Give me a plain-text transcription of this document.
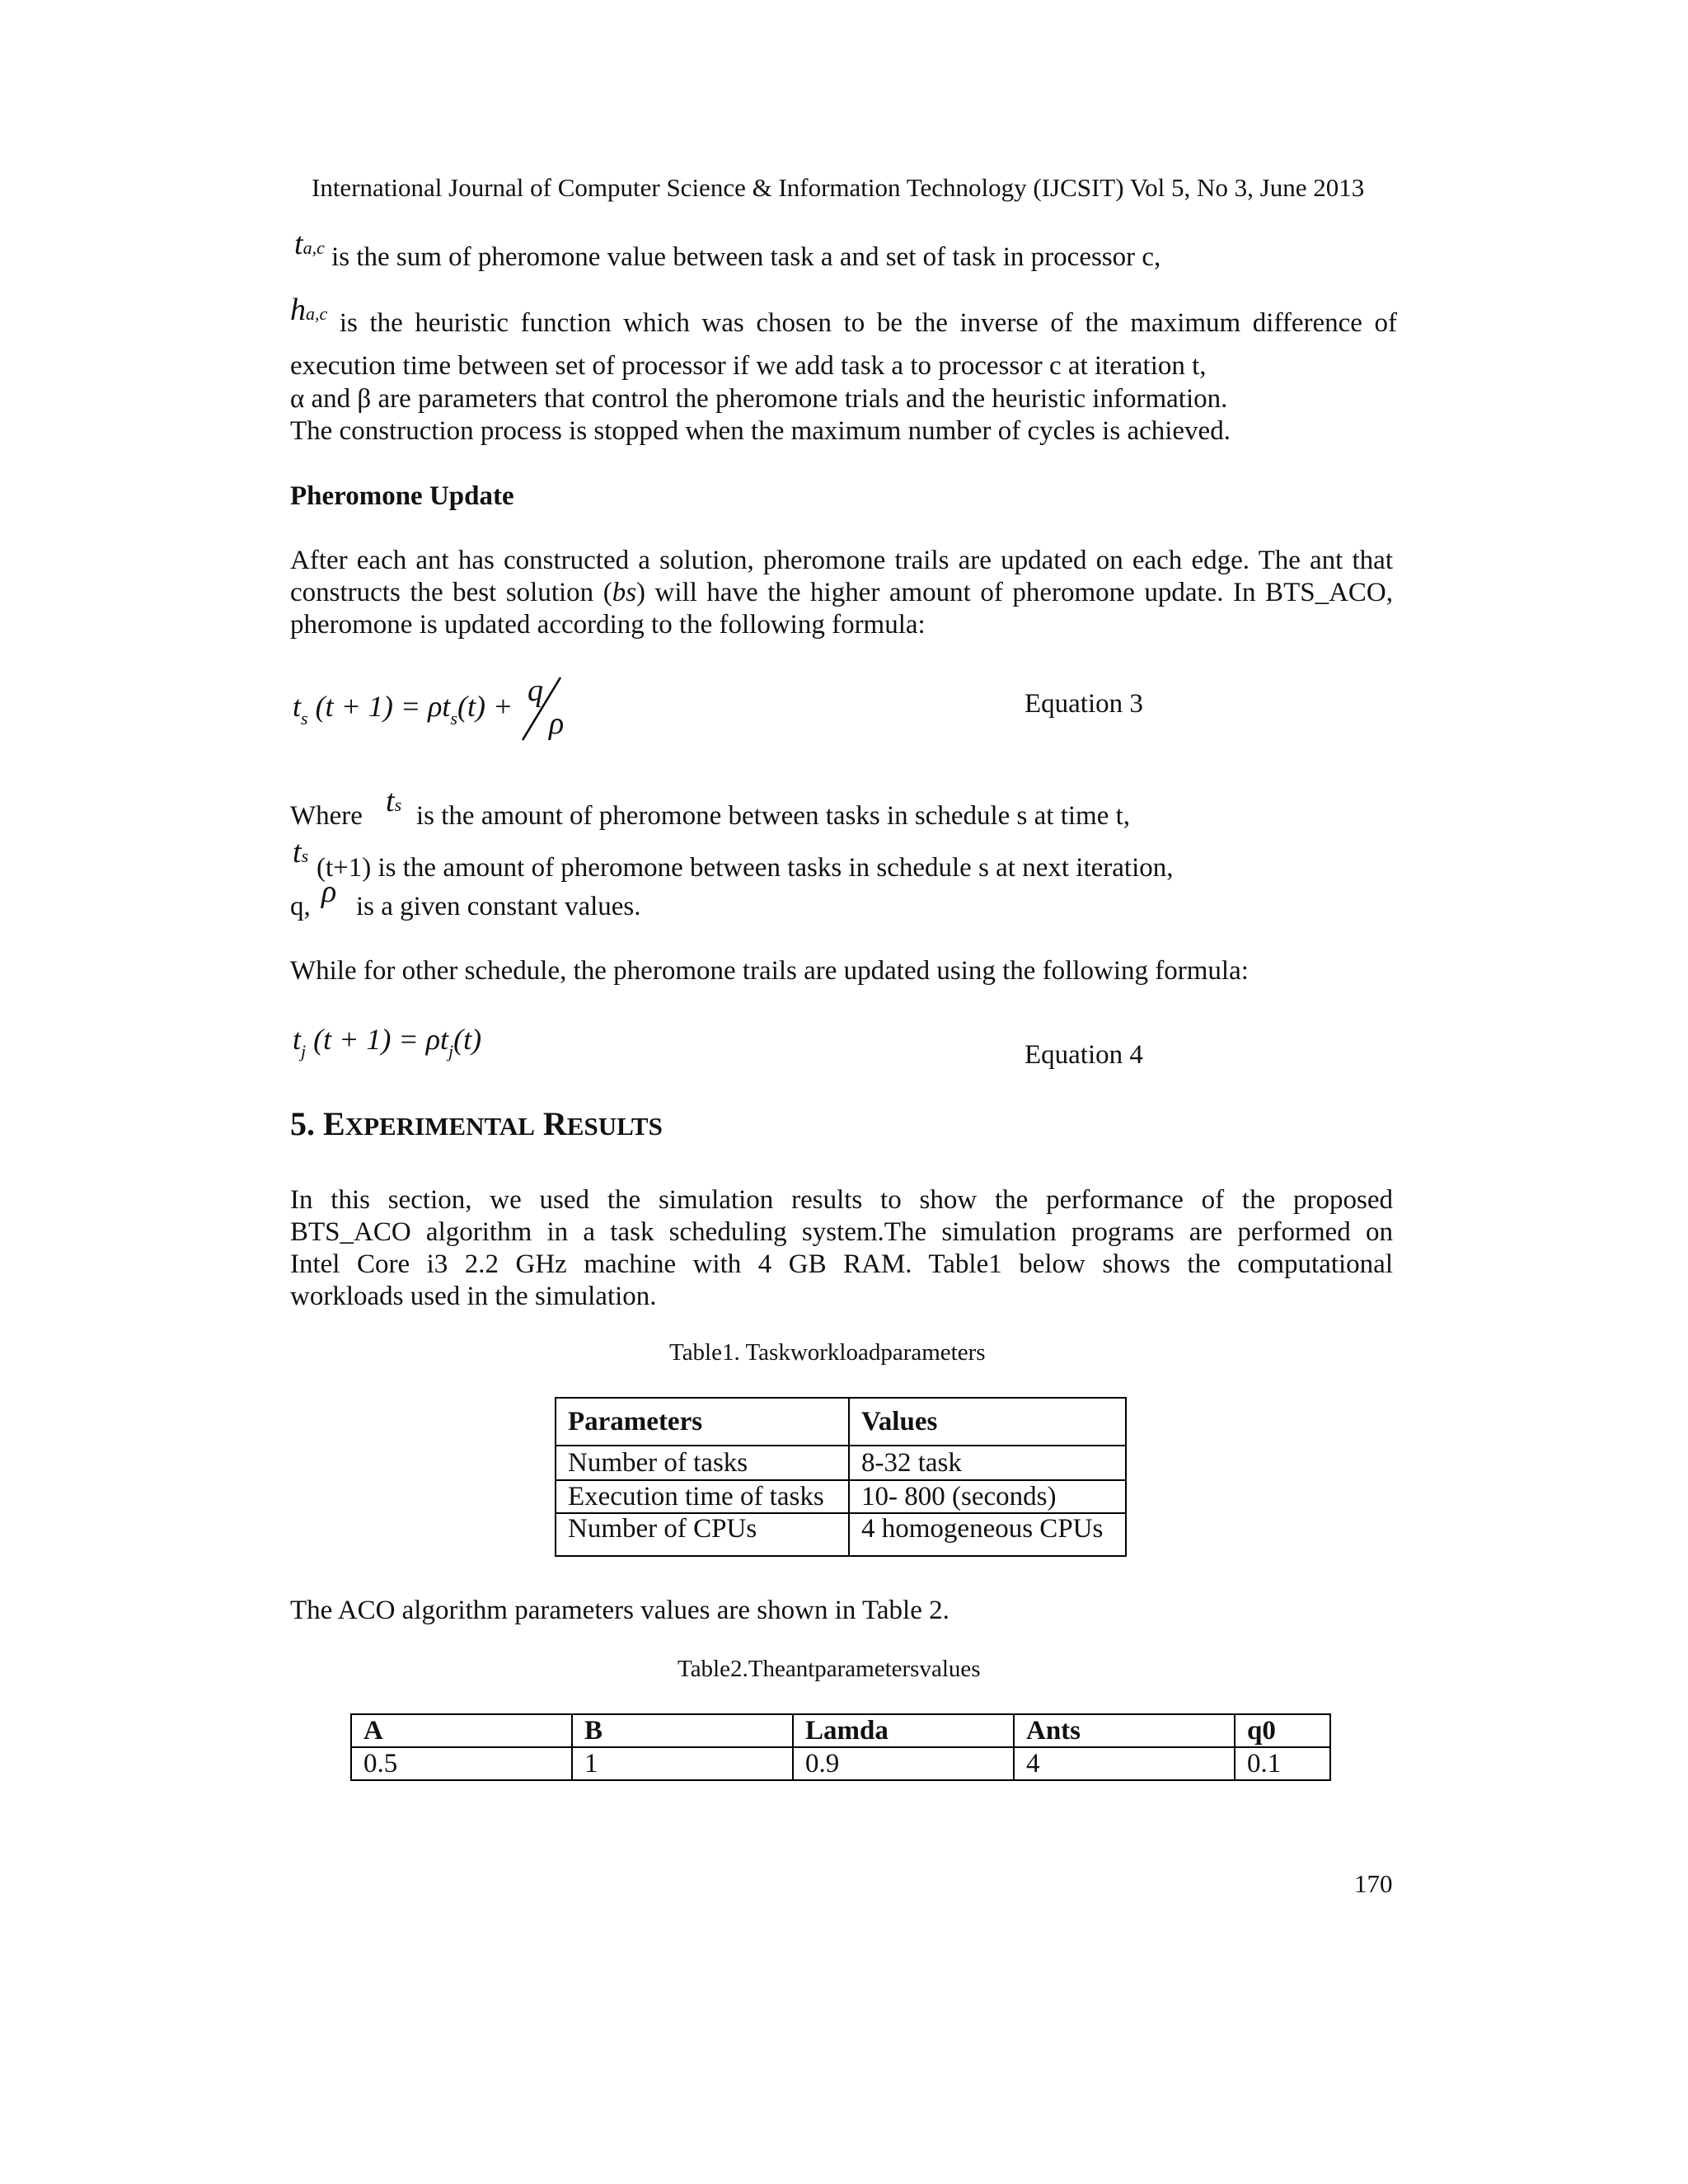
International Journal of Computer Science & Information Technology (IJCSIT) Vol 5, No 3, June 2013
$t^{a,c}$ is the sum of pheromone value between task a and set of task in processor c,
$h^{a,c}$ is the heuristic function which was chosen to be the inverse of the maximum difference of
execution time between set of processor if we add task a to processor c at iteration t,
α and β are parameters that control the pheromone trials and the heuristic information.
The construction process is stopped when the maximum number of cycles is achieved.
Pheromone Update
After each ant has constructed a solution, pheromone trails are updated on each edge. The ant that
constructs the best solution (bs) will have the higher amount of pheromone update. In BTS_ACO,
pheromone is updated according to the following formula:
$t_s$ $(t + 1) = \rho t_s(t) + q$
ρ
Equation 3
Where ts is the amount of pheromone between tasks in schedule s at time t,
ts (t+1) is the amount of pheromone between tasks in schedule s at next iteration,
q, ρ is a given constant values.
While for other schedule, the pheromone trails are updated using the following formula:
$t_j$ $(t + 1) = \rho t_j(t)$	Equation 4
5. EXPERIMENTAL RESULTS
In this section, we used the simulation results to show the performance of the proposed
BTS_ACO algorithm in a task scheduling system.The simulation programs are performed on
Intel Core i3 2.2 GHz machine with 4 GB RAM. Table1 below shows the computational
workloads used in the simulation.
Table1. Taskworkloadparameters
Parameters	Values
Number of tasks	8-32 task
Execution time of tasks	10- 800 (seconds)
Number of CPUs	4 homogeneous CPUs
The ACO algorithm parameters values are shown in Table 2.
Table2.Theantparametersvalues
A	B	Lamda	Ants	q0
0.5	1	0.9	4	0.1
170
